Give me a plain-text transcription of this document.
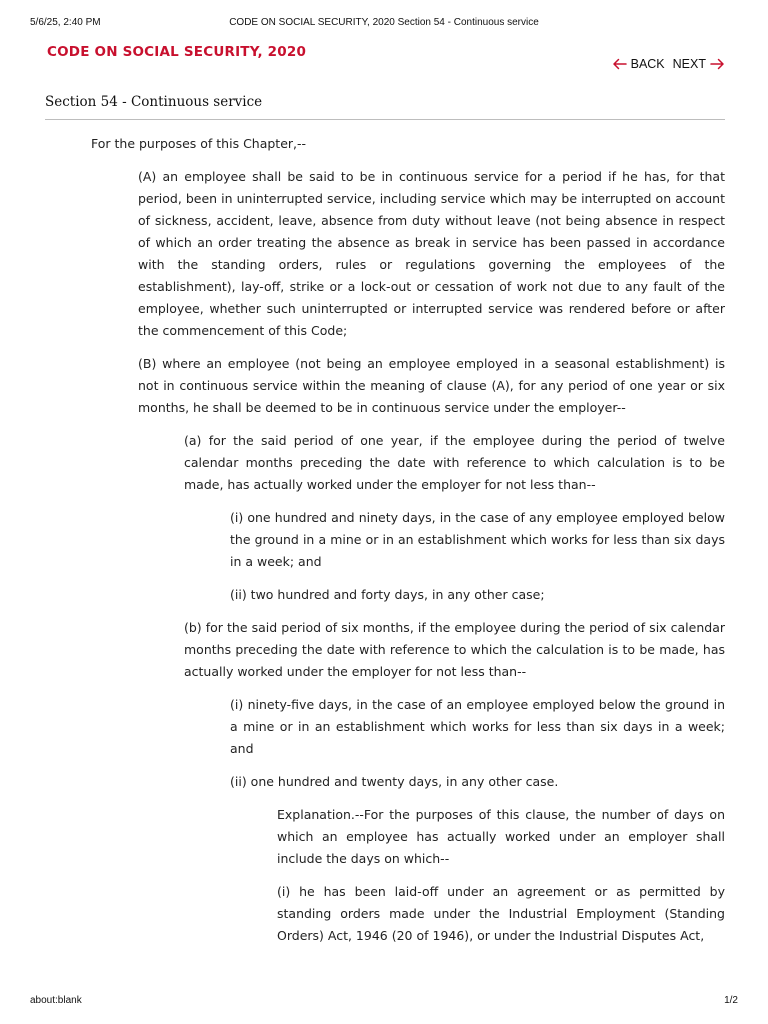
5/6/25, 2:40 PM	CODE ON SOCIAL SECURITY, 2020 Section 54 - Continuous service
CODE ON SOCIAL SECURITY, 2020
BACK NEXT
Section 54 - Continuous service

For the purposes of this Chapter,--

(A) an employee shall be said to be in continuous service for a period if he has, for that period, been in uninterrupted service, including service which may be interrupted on account of sickness, accident, leave, absence from duty without leave (not being absence in respect of which an order treating the absence as break in service has been passed in accordance with the standing orders, rules or regulations governing the employees of the establishment), lay-off, strike or a lock-out or cessation of work not due to any fault of the employee, whether such uninterrupted or interrupted service was rendered before or after the commencement of this Code;

(B) where an employee (not being an employee employed in a seasonal establishment) is not in continuous service within the meaning of clause (A), for any period of one year or six months, he shall be deemed to be in continuous service under the employer--

(a) for the said period of one year, if the employee during the period of twelve calendar months preceding the date with reference to which calculation is to be made, has actually worked under the employer for not less than--

(i) one hundred and ninety days, in the case of any employee employed below the ground in a mine or in an establishment which works for less than six days in a week; and

(ii) two hundred and forty days, in any other case;

(b) for the said period of six months, if the employee during the period of six calendar months preceding the date with reference to which the calculation is to be made, has actually worked under the employer for not less than--

(i) ninety-five days, in the case of an employee employed below the ground in a mine or in an establishment which works for less than six days in a week; and

(ii) one hundred and twenty days, in any other case.

Explanation.--For the purposes of this clause, the number of days on which an employee has actually worked under an employer shall include the days on which--

(i) he has been laid-off under an agreement or as permitted by standing orders made under the Industrial Employment (Standing Orders) Act, 1946 (20 of 1946), or under the Industrial Disputes Act,

about:blank	1/2
